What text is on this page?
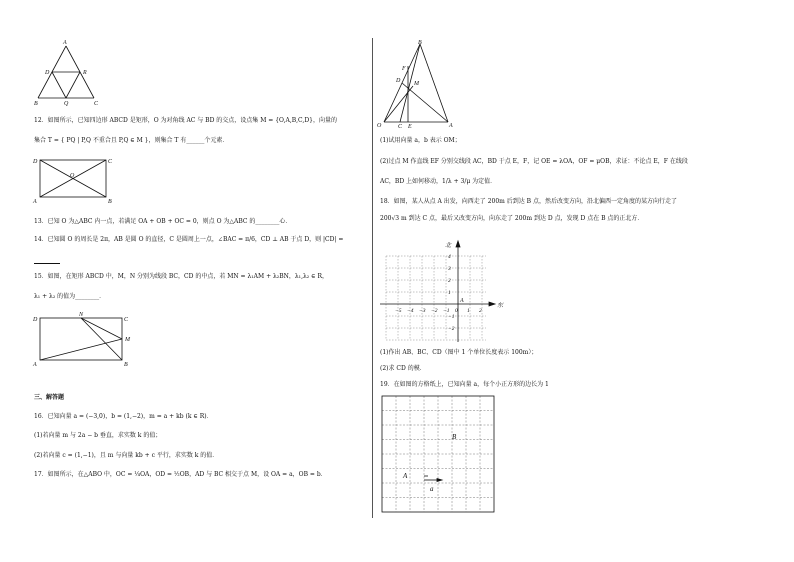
A
D	R
B	Q	C
12．如图所示，已知四边形 ABCD 是矩形，O 为对角线 AC 与 BD 的交点，设点集 M = {O,A,B,C,D}，向量的
集合 T = { PQ | P,Q 不重合且 P,Q ∈ M }，则集合 T 有______个元素．
D	C
O
A	B
13．已知 O 为△ABC 内一点，若满足 OA + OB + OC = 0，则点 O 为△ABC 的________心．
14．已知圆 O 的周长是 2π，AB 是圆 O 的直径，C 是圆周上一点，∠BAC = π/6，CD ⊥ AB 于点 D，则 |CD| =
15．如图，在矩形 ABCD 中，M，N 分别为线段 BC，CD 的中点，若 MN = λ₁AM + λ₂BN，λ₁,λ₂ ∈ R，
λ₁ + λ₂ 的值为________．
D
N
C
M
A	B
三、解答题
16．已知向量 a = (−3,0)，b = (1,−2)，m = a + kb (k ∈ R)．
(1)若向量 m 与 2a − b 垂直，求实数 k 的值；
(2)若向量 c = (1,−1)，且 m 与向量 kb + c 平行，求实数 k 的值．
17．如图所示，在△ABO 中，OC = ¼OA，OD = ½OB，AD 与 BC 相交于点 M，设 OA = a，OB = b．
B
F
D M
O	C E	A
(1)试用向量 a，b 表示 OM；
(2)过点 M 作直线 EF 分别交线段 AC，BD 于点 E，F，记 OE = λOA，OF = μOB，求证：不论点 E，F 在线段
AC，BD 上如何移动，1/λ + 3/μ 为定值．
18．如图，某人从点 A 出发，向西走了 200m 后到达 B 点，然后改变方向，沿北偏西一定角度的某方向行走了
200√3 m 到达 C 点，最后又改变方向，向东走了 200m 到达 D 点，发现 D 点在 B 点的正北方．
北
东
A
−5 −4 −3 −2 −1 0 1 2
4
3
2
1
−1
−2
(1)作出 AB、BC、CD（图中 1 个单位长度表示 100m）；
(2)求 CD 的模．
19．在如图的方格纸上，已知向量 a，每个小正方形的边长为 1
B
A
a
